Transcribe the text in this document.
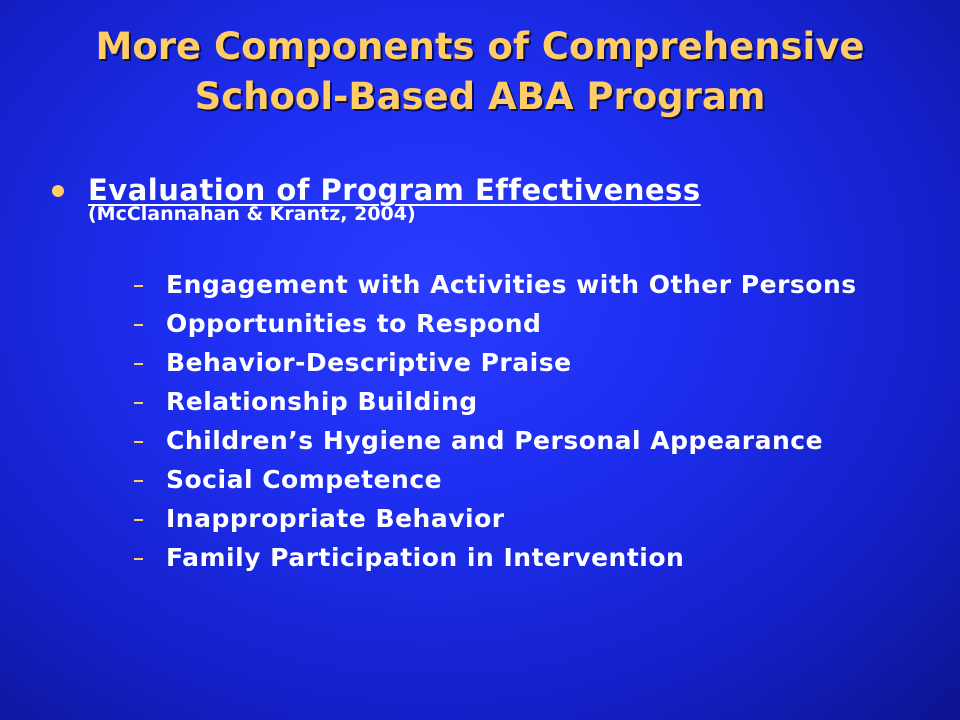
More Components of Comprehensive
School-Based ABA Program
Evaluation of Program Effectiveness
(McClannahan & Krantz, 2004)
Engagement with Activities with Other Persons
Opportunities to Respond
Behavior-Descriptive Praise
Relationship Building
Children’s Hygiene and Personal Appearance
Social Competence
Inappropriate Behavior
Family Participation in Intervention
